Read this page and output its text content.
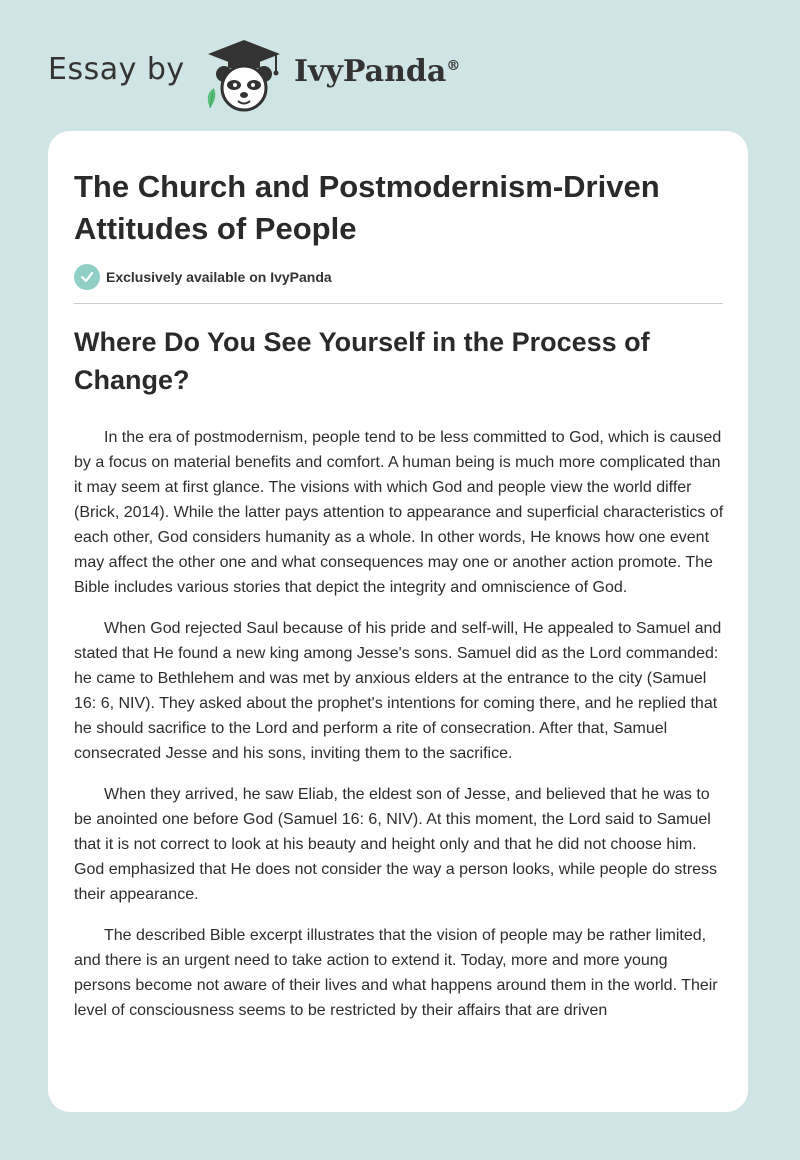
Essay by	IvyPanda®
The Church and Postmodernism-Driven Attitudes of People
Exclusively available on IvyPanda
Where Do You See Yourself in the Process of Change?

In the era of postmodernism, people tend to be less committed to God, which is caused by a focus on material benefits and comfort. A human being is much more complicated than it may seem at first glance. The visions with which God and people view the world differ (Brick, 2014). While the latter pays attention to appearance and superficial characteristics of each other, God considers humanity as a whole. In other words, He knows how one event may affect the other one and what consequences may one or another action promote. The Bible includes various stories that depict the integrity and omniscience of God.

When God rejected Saul because of his pride and self-will, He appealed to Samuel and stated that He found a new king among Jesse's sons. Samuel did as the Lord commanded: he came to Bethlehem and was met by anxious elders at the entrance to the city (Samuel 16: 6, NIV). They asked about the prophet's intentions for coming there, and he replied that he should sacrifice to the Lord and perform a rite of consecration. After that, Samuel consecrated Jesse and his sons, inviting them to the sacrifice.

When they arrived, he saw Eliab, the eldest son of Jesse, and believed that he was to be anointed one before God (Samuel 16: 6, NIV). At this moment, the Lord said to Samuel that it is not correct to look at his beauty and height only and that he did not choose him. God emphasized that He does not consider the way a person looks, while people do stress their appearance.

The described Bible excerpt illustrates that the vision of people may be rather limited, and there is an urgent need to take action to extend it. Today, more and more young persons become not aware of their lives and what happens around them in the world. Their level of consciousness seems to be restricted by their affairs that are driven
